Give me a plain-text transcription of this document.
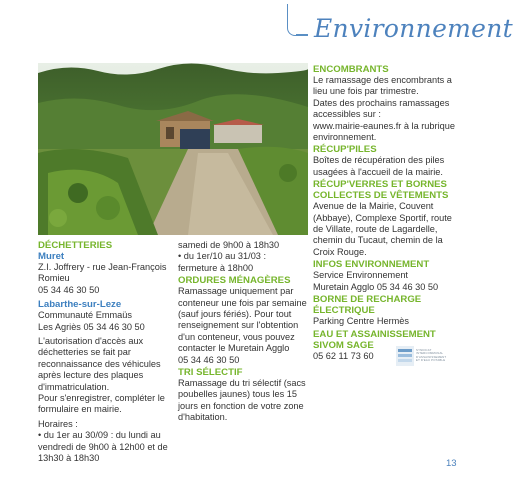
Environnement
DÉCHETTERIES
Muret
Z.I. Joffrery - rue Jean-François Romieu
05 34 46 30 50
Labarthe-sur-Leze
Communauté Emmaüs
Les Agriès 05 34 46 30 50
L'autorisation d'accès aux déchetteries se fait par reconnaissance des véhicules après lecture des plaques d'immatriculation.
Pour s'enregistrer, compléter le formulaire en mairie.
Horaires :
• du 1er au 30/09 : du lundi au vendredi de 9h00 à 12h00 et de 13h30 à 18h30
samedi de 9h00 à 18h30
• du 1er/10 au 31/03 :
fermeture à 18h00
ORDURES MÉNAGÈRES
Ramassage uniquement par conteneur une fois par semaine (sauf jours fériés). Pour tout renseignement sur l'obtention d'un conteneur, vous pouvez contacter le Muretain Agglo
05 34 46 30 50
TRI SÉLECTIF
Ramassage du tri sélectif (sacs poubelles jaunes) tous les 15 jours en fonction de votre zone d'habitation.
ENCOMBRANTS
Le ramassage des encombrants a lieu une fois par trimestre.
Dates des prochains ramassages accessibles sur :
www.mairie-eaunes.fr à la rubrique environnement.
RÉCUP'PILES
Boîtes de récupération des piles usagées à l'accueil de la mairie.
RÉCUP'VERRES ET BORNES COLLECTES DE VÊTEMENTS
Avenue de la Mairie, Couvent (Abbaye), Complexe Sportif, route de Villate, route de Lagardelle, chemin du Tucaut, chemin de la Croix Rouge.
INFOS ENVIRONNEMENT
Service Environnement
Muretain Agglo 05 34 46 30 50
BORNE DE RECHARGE ÉLECTRIQUE
Parking Centre Hermès
EAU ET ASSAINISSEMENT SIVOM SAGE
05 62 11 73 60
SYNDICAT
INTERCOMMUNAL
D'ASSAINISSEMENT
ET D'EAU POTABLE
13
